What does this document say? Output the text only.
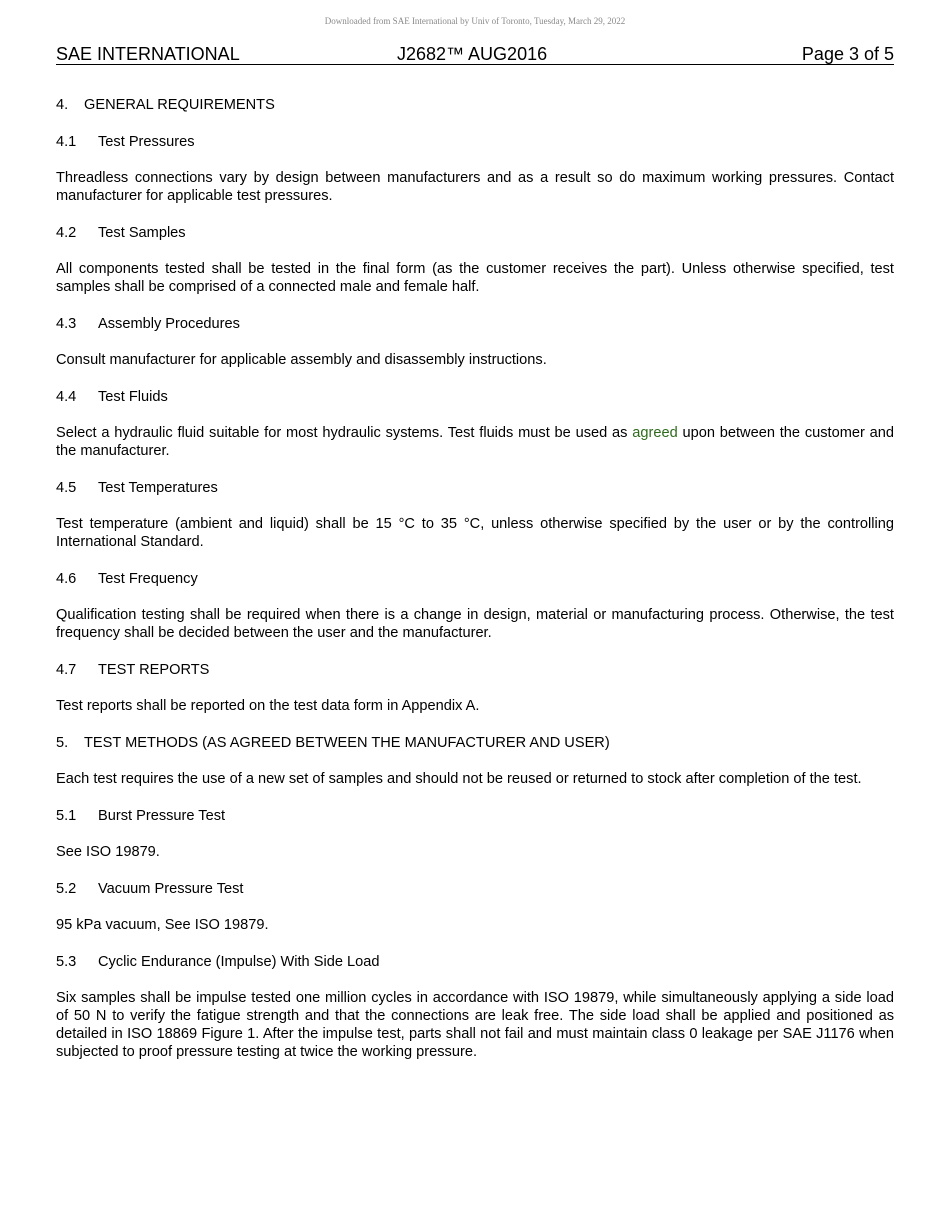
Downloaded from SAE International by Univ of Toronto, Tuesday, March 29, 2022
SAE INTERNATIONAL	J2682™ AUG2016	Page 3 of 5
4. GENERAL REQUIREMENTS
4.1 Test Pressures

Threadless connections vary by design between manufacturers and as a result so do maximum working pressures. Contact manufacturer for applicable test pressures.

4.2 Test Samples

All components tested shall be tested in the final form (as the customer receives the part). Unless otherwise specified, test samples shall be comprised of a connected male and female half.

4.3 Assembly Procedures

Consult manufacturer for applicable assembly and disassembly instructions.

4.4 Test Fluids

Select a hydraulic fluid suitable for most hydraulic systems. Test fluids must be used as agreed upon between the customer and the manufacturer.

4.5 Test Temperatures

Test temperature (ambient and liquid) shall be 15 °C to 35 °C, unless otherwise specified by the user or by the controlling International Standard.

4.6 Test Frequency

Qualification testing shall be required when there is a change in design, material or manufacturing process. Otherwise, the test frequency shall be decided between the user and the manufacturer.

4.7 TEST REPORTS

Test reports shall be reported on the test data form in Appendix A.

5. TEST METHODS (AS AGREED BETWEEN THE MANUFACTURER AND USER)

Each test requires the use of a new set of samples and should not be reused or returned to stock after completion of the test.

5.1 Burst Pressure Test

See ISO 19879.

5.2 Vacuum Pressure Test

95 kPa vacuum, See ISO 19879.

5.3 Cyclic Endurance (Impulse) With Side Load

Six samples shall be impulse tested one million cycles in accordance with ISO 19879, while simultaneously applying a side load of 50 N to verify the fatigue strength and that the connections are leak free. The side load shall be applied and positioned as detailed in ISO 18869 Figure 1. After the impulse test, parts shall not fail and must maintain class 0 leakage per SAE J1176 when subjected to proof pressure testing at twice the working pressure.
